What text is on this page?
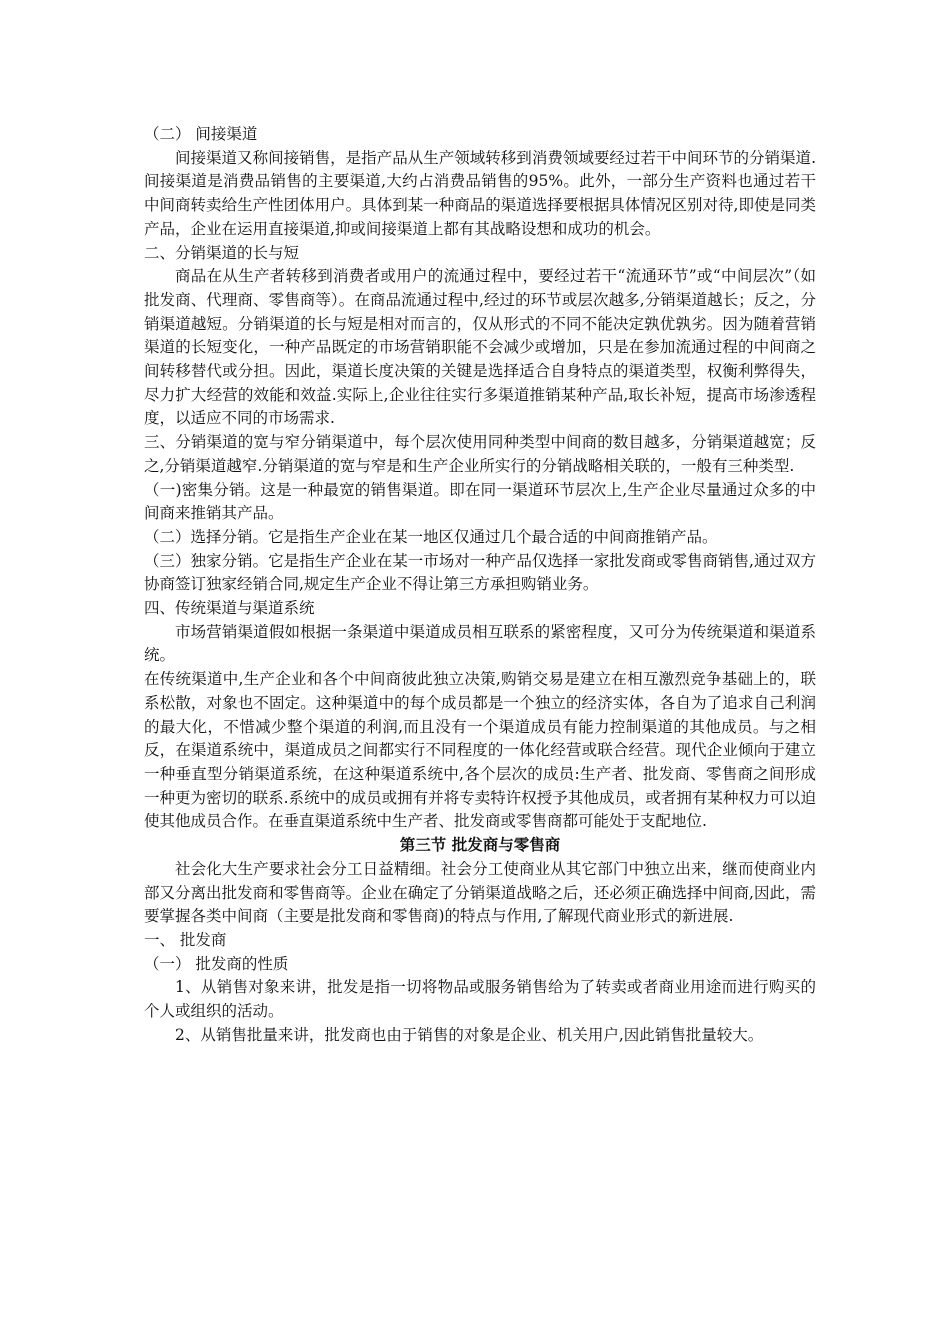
（二） 间接渠道

间接渠道又称间接销售，是指产品从生产领域转移到消费领域要经过若干中间环节的分销渠道.间接渠道是消费品销售的主要渠道,大约占消费品销售的95%。此外，一部分生产资料也通过若干中间商转卖给生产性团体用户。具体到某一种商品的渠道选择要根据具体情况区别对待,即使是同类产品，企业在运用直接渠道,抑或间接渠道上都有其战略设想和成功的机会。

二、分销渠道的长与短

商品在从生产者转移到消费者或用户的流通过程中，要经过若干“流通环节”或“中间层次”（如批发商、代理商、零售商等）。在商品流通过程中,经过的环节或层次越多,分销渠道越长；反之，分销渠道越短。分销渠道的长与短是相对而言的，仅从形式的不同不能决定孰优孰劣。因为随着营销渠道的长短变化，一种产品既定的市场营销职能不会减少或增加，只是在参加流通过程的中间商之间转移替代或分担。因此，渠道长度决策的关键是选择适合自身特点的渠道类型，权衡利弊得失，尽力扩大经营的效能和效益.实际上,企业往往实行多渠道推销某种产品,取长补短，提高市场渗透程度，以适应不同的市场需求.

三、分销渠道的宽与窄分销渠道中，每个层次使用同种类型中间商的数目越多，分销渠道越宽；反之,分销渠道越窄.分销渠道的宽与窄是和生产企业所实行的分销战略相关联的，一般有三种类型.

（一)密集分销。这是一种最宽的销售渠道。即在同一渠道环节层次上,生产企业尽量通过众多的中间商来推销其产品。

（二）选择分销。它是指生产企业在某一地区仅通过几个最合适的中间商推销产品。

（三）独家分销。它是指生产企业在某一市场对一种产品仅选择一家批发商或零售商销售,通过双方协商签订独家经销合同,规定生产企业不得让第三方承担购销业务。

四、传统渠道与渠道系统

市场营销渠道假如根据一条渠道中渠道成员相互联系的紧密程度，又可分为传统渠道和渠道系统。

在传统渠道中,生产企业和各个中间商彼此独立决策,购销交易是建立在相互激烈竞争基础上的，联系松散，对象也不固定。这种渠道中的每个成员都是一个独立的经济实体，各自为了追求自己利润的最大化，不惜减少整个渠道的利润,而且没有一个渠道成员有能力控制渠道的其他成员。与之相反，在渠道系统中，渠道成员之间都实行不同程度的一体化经营或联合经营。现代企业倾向于建立一种垂直型分销渠道系统，在这种渠道系统中,各个层次的成员:生产者、批发商、零售商之间形成一种更为密切的联系.系统中的成员或拥有并将专卖特许权授予其他成员，或者拥有某种权力可以迫使其他成员合作。在垂直渠道系统中生产者、批发商或零售商都可能处于支配地位.

第三节 批发商与零售商

社会化大生产要求社会分工日益精细。社会分工使商业从其它部门中独立出来，继而使商业内部又分离出批发商和零售商等。企业在确定了分销渠道战略之后，还必须正确选择中间商,因此，需要掌握各类中间商（主要是批发商和零售商)的特点与作用,了解现代商业形式的新进展.

一、 批发商

（一） 批发商的性质

1、从销售对象来讲，批发是指一切将物品或服务销售给为了转卖或者商业用途而进行购买的个人或组织的活动。

2、从销售批量来讲，批发商也由于销售的对象是企业、机关用户,因此销售批量较大。
